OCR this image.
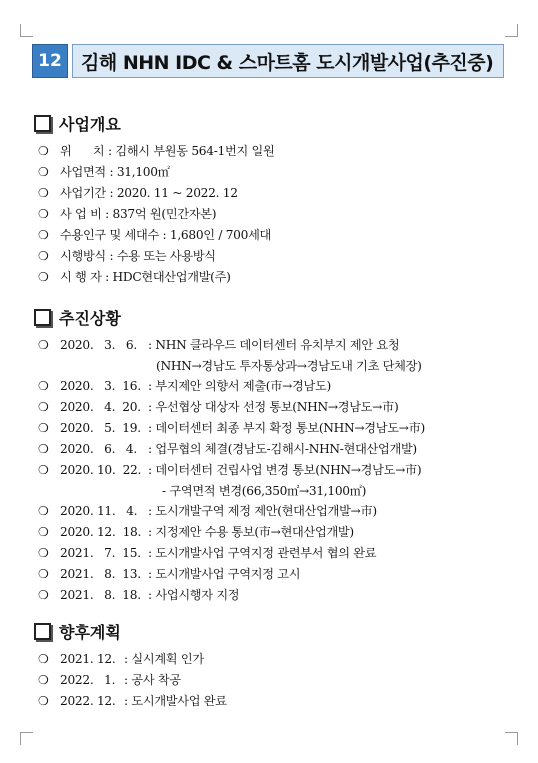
12	김해 NHN IDC & 스마트홈 도시개발사업(추진중)
사업개요
❍ 위      치 : 김해시 부원동 564-1번지 일원
❍ 사업면적 : 31,100㎡
❍ 사업기간 : 2020. 11 ~ 2022. 12
❍ 사 업 비 : 837억 원(민간자본)
❍ 수용인구 및 세대수 : 1,680인 / 700세대
❍ 시행방식 : 수용 또는 사용방식
❍ 시 행 자 : HDC현대산업개발(주)
추진상황
❍ 2020.   3.   6. : NHN 클라우드 데이터센터 유치부지 제안 요청
(NHN→경남도 투자통상과→경남도내 기초 단체장)
❍ 2020.   3.  16. : 부지제안 의향서 제출(市→경남도)
❍ 2020.   4.  20. : 우선협상 대상자 선정 통보(NHN→경남도→市)
❍ 2020.   5.  19. : 데이터센터 최종 부지 확정 통보(NHN→경남도→市)
❍ 2020.   6.   4. : 업무협의 체결(경남도-김해시-NHN-현대산업개발)
❍ 2020. 10.  22. : 데이터센터 건립사업 변경 통보(NHN→경남도→市)
- 구역면적 변경(66,350㎡→31,100㎡)
❍ 2020. 11.   4. : 도시개발구역 제정 제안(현대산업개발→市)
❍ 2020. 12.  18. : 지정제안 수용 통보(市→현대산업개발)
❍ 2021.   7.  15. : 도시개발사업 구역지정 관련부서 협의 완료
❍ 2021.   8.  13. : 도시개발사업 구역지정 고시
❍ 2021.   8.  18. : 사업시행자 지정
향후계획
❍ 2021. 12. : 실시계획 인가
❍ 2022.   1. : 공사 착공
❍ 2022. 12. : 도시개발사업 완료
